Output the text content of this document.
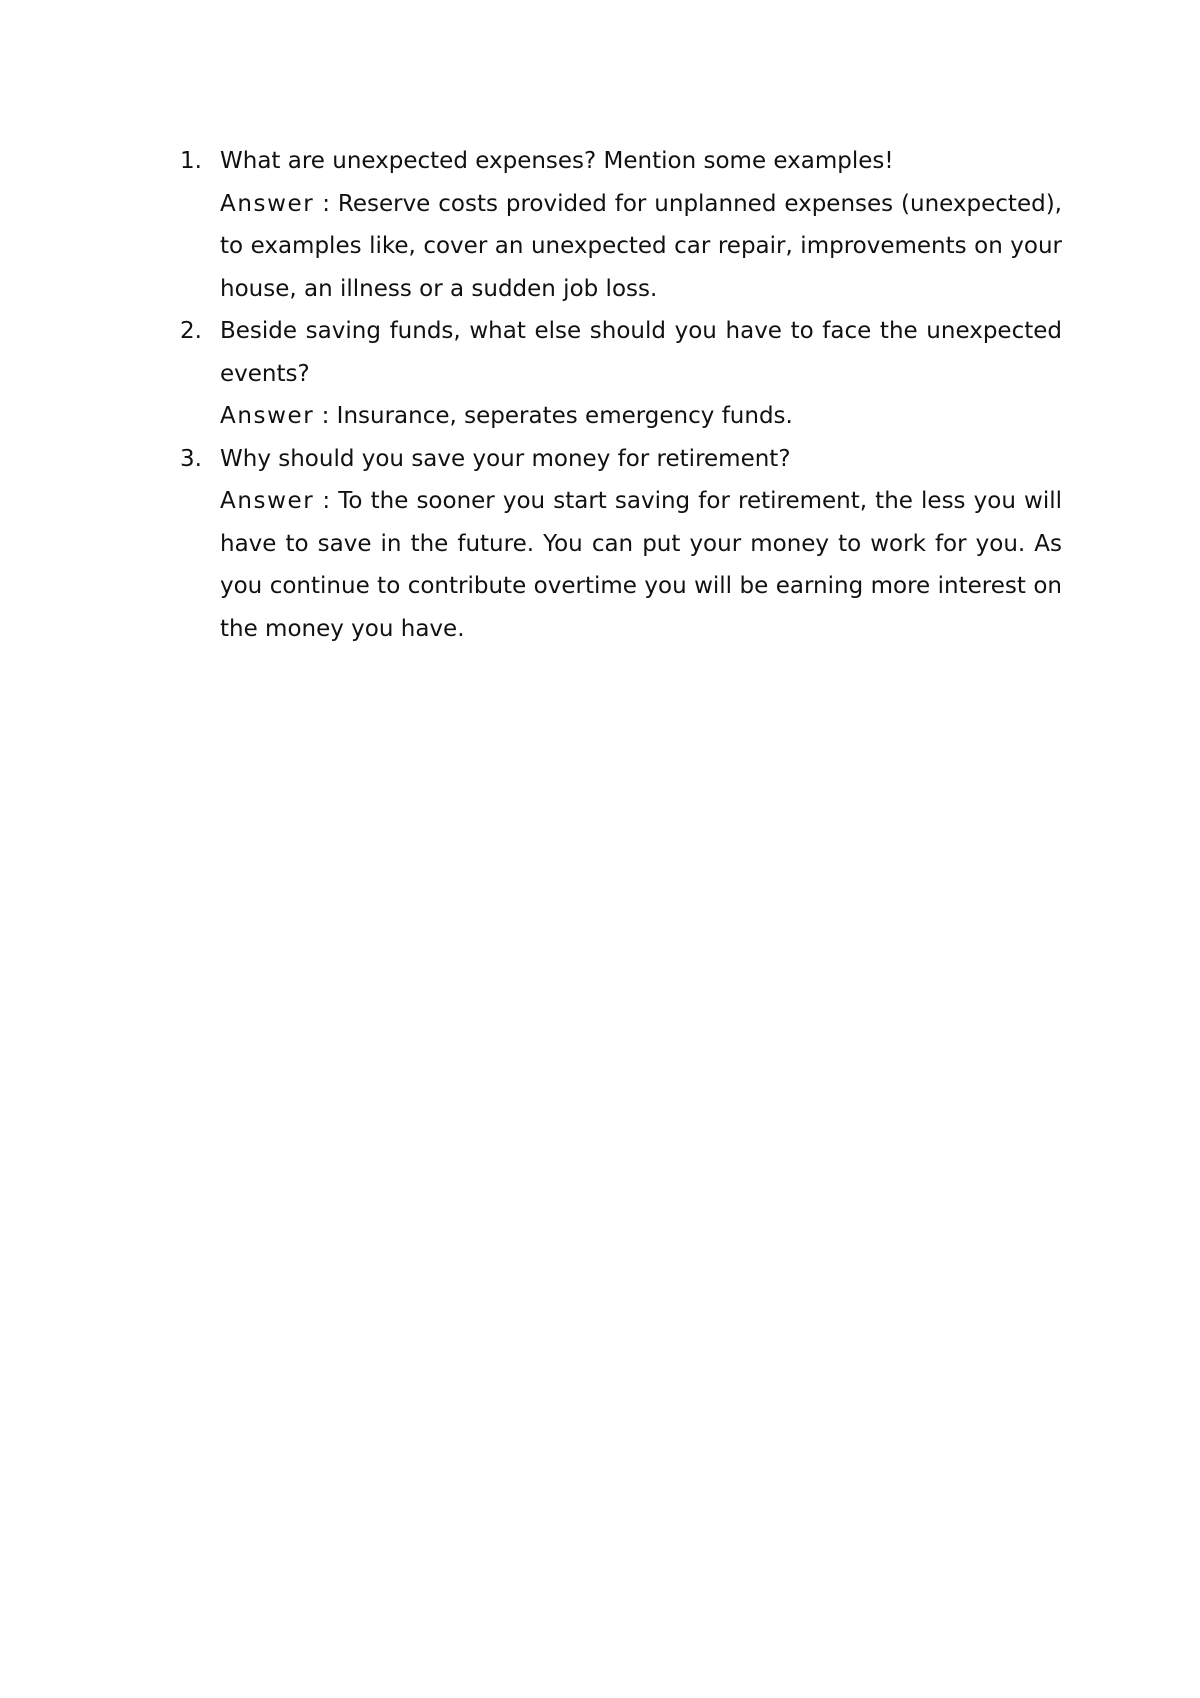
1. What are unexpected expenses? Mention some examples!
Answer : Reserve costs provided for unplanned expenses (unexpected), to examples like, cover an unexpected car repair, improvements on your house, an illness or a sudden job loss.
2. Beside saving funds, what else should you have to face the unexpected events?
Answer : Insurance, seperates emergency funds.
3. Why should you save your money for retirement?
Answer : To the sooner you start saving for retirement, the less you will have to save in the future. You can put your money to work for you. As you continue to contribute overtime you will be earning more interest on the money you have.
